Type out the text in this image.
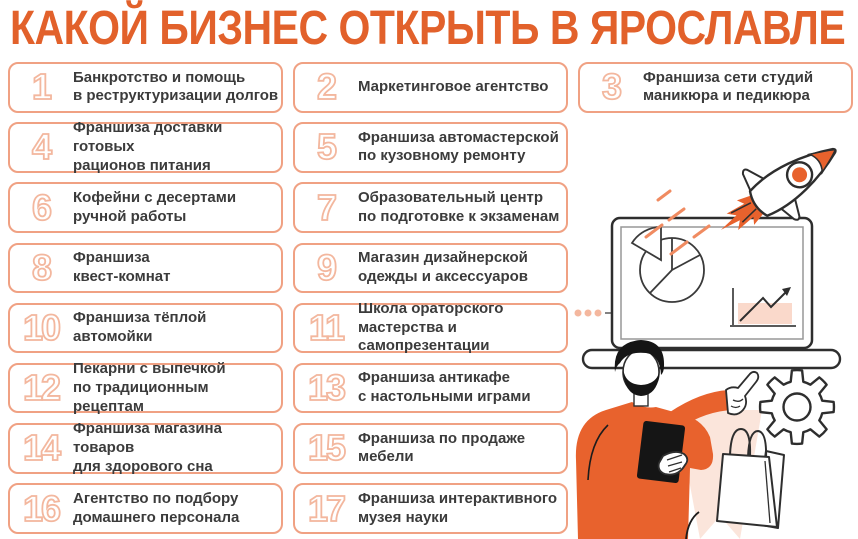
КАКОЙ БИЗНЕС ОТКРЫТЬ В ЯРОСЛАВЛЕ
1	Банкротство и помощь
в реструктуризации долгов
4	Франшиза доставки готовых
рационов питания
6	Кофейни с десертами
ручной работы
8	Франшиза
квест-комнат
10 Франшиза тёплой
автомойки
12 Пекарни с выпечкой
по традиционным рецептам
14 Франшиза магазина товаров
для здорового сна
16 Агентство по подбору
домашнего персонала
2	Маркетинговое агентство
5	Франшиза автомастерской
по кузовному ремонту
7	Образовательный центр
по подготовке к экзаменам
9	Магазин дизайнерской
одежды и аксессуаров
11 Школа ораторского
мастерства и самопрезентации
13 Франшиза антикафе
с настольными играми
15 Франшиза по продаже
мебели
17 Франшиза интерактивного
музея науки
3	Франшиза сети студий
маникюра и педикюра
